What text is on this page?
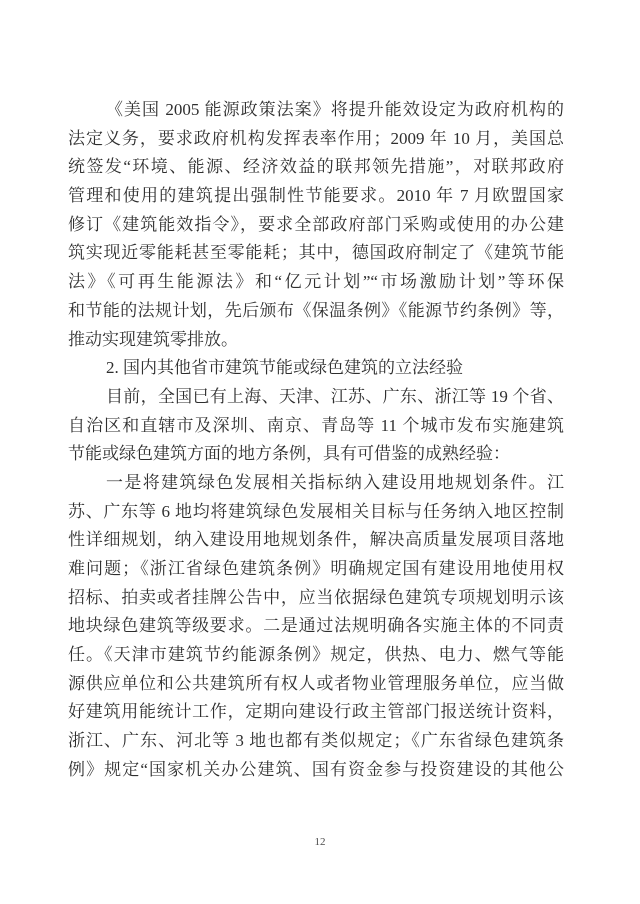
《美国 2005 能源政策法案》将提升能效设定为政府机构的
法定义务，要求政府机构发挥表率作用；2009 年 10 月，美国总
统签发“环境、能源、经济效益的联邦领先措施”，对联邦政府
管理和使用的建筑提出强制性节能要求。2010 年 7 月欧盟国家
修订《建筑能效指令》，要求全部政府部门采购或使用的办公建
筑实现近零能耗甚至零能耗；其中，德国政府制定了《建筑节能
法》《可再生能源法》和“亿元计划”“市场激励计划”等环保
和节能的法规计划，先后颁布《保温条例》《能源节约条例》等，
推动实现建筑零排放。
2. 国内其他省市建筑节能或绿色建筑的立法经验
目前，全国已有上海、天津、江苏、广东、浙江等 19 个省、
自治区和直辖市及深圳、南京、青岛等 11 个城市发布实施建筑
节能或绿色建筑方面的地方条例，具有可借鉴的成熟经验：
一是将建筑绿色发展相关指标纳入建设用地规划条件。江
苏、广东等 6 地均将建筑绿色发展相关目标与任务纳入地区控制
性详细规划，纳入建设用地规划条件，解决高质量发展项目落地
难问题；《浙江省绿色建筑条例》明确规定国有建设用地使用权
招标、拍卖或者挂牌公告中，应当依据绿色建筑专项规划明示该
地块绿色建筑等级要求。二是通过法规明确各实施主体的不同责
任。《天津市建筑节约能源条例》规定，供热、电力、燃气等能
源供应单位和公共建筑所有权人或者物业管理服务单位，应当做
好建筑用能统计工作，定期向建设行政主管部门报送统计资料，
浙江、广东、河北等 3 地也都有类似规定；《广东省绿色建筑条
例》规定“国家机关办公建筑、国有资金参与投资建设的其他公
12
